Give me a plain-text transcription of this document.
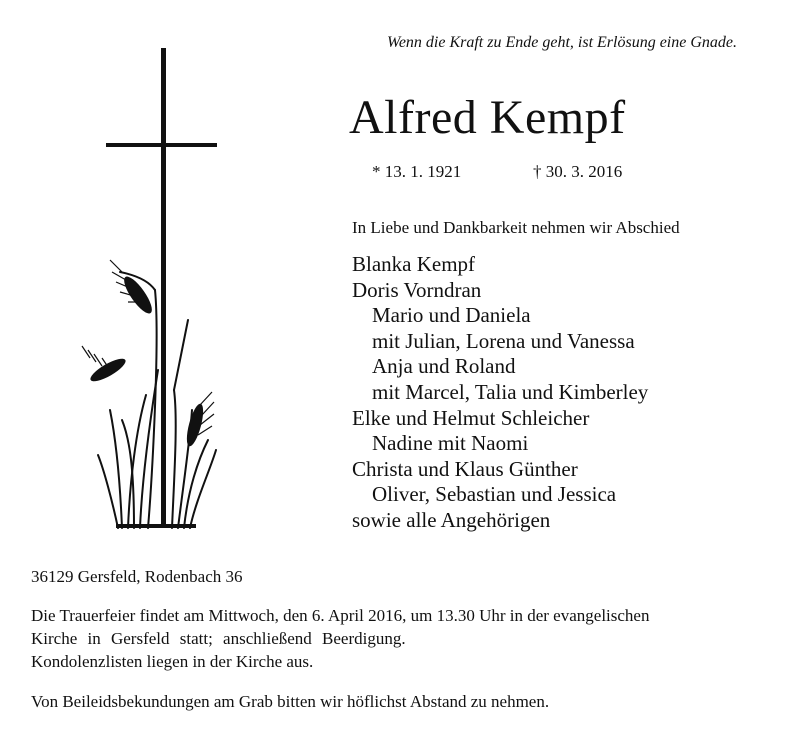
Wenn die Kraft zu Ende geht, ist Erlösung eine Gnade.
Alfred Kempf
* 13. 1. 1921	† 30. 3. 2016
In Liebe und Dankbarkeit nehmen wir Abschied
Blanka Kempf
Doris Vorndran
Mario und Daniela
mit Julian, Lorena und Vanessa
Anja und Roland
mit Marcel, Talia und Kimberley
Elke und Helmut Schleicher
Nadine mit Naomi
Christa und Klaus Günther
Oliver, Sebastian und Jessica
sowie alle Angehörigen
36129 Gersfeld, Rodenbach 36
Die Trauerfeier findet am Mittwoch, den 6. April 2016, um 13.30 Uhr in der evangelischen
Kirche in Gersfeld statt; anschließend Beerdigung.
Kondolenzlisten liegen in der Kirche aus.
Von Beileidsbekundungen am Grab bitten wir höflichst Abstand zu nehmen.
